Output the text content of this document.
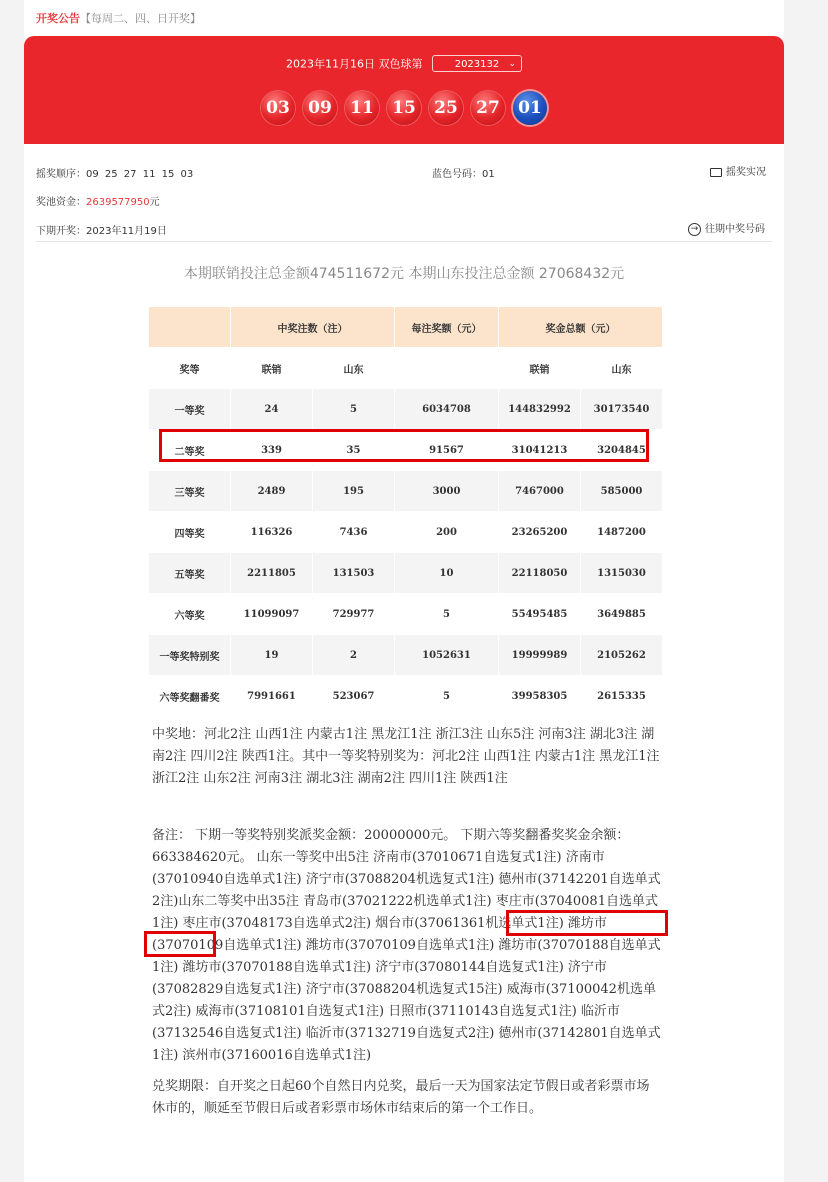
开奖公告【每周二、四、日开奖】
2023年11月16日 双色球第	2023132 ⌄
03 09 11 15 25 27 01
摇奖顺序：09 25 27 11 15 03	蓝色号码：01	摇奖实况
奖池资金：2639577950元
下期开奖：2023年11月19日	→ 往期中奖号码
本期联销投注总金额474511672元 本期山东投注总金额 27068432元
	中奖注数（注）		每注奖额（元）	奖金总额（元）	
奖等	联销	山东		联销	山东
一等奖	24	5	6034708	144832992	30173540
二等奖	339	35	91567	31041213	3204845
三等奖	2489	195	3000	7467000	585000
四等奖	116326	7436	200	23265200	1487200
五等奖	2211805	131503	10	22118050	1315030
六等奖	11099097	729977	5	55495485	3649885
一等奖特别奖	19	2	1052631	19999989	2105262
六等奖翻番奖	7991661	523067	5	39958305	2615335
中奖地：河北2注 山西1注 内蒙古1注 黑龙江1注 浙江3注 山东5注 河南3注 湖北3注 湖南2注 四川2注 陕西1注。其中一等奖特别奖为：河北2注 山西1注 内蒙古1注 黑龙江1注 浙江2注 山东2注 河南3注 湖北3注 湖南2注 四川1注 陕西1注
备注： 下期一等奖特别奖派奖金额：20000000元。 下期六等奖翻番奖奖金余额：663384620元。 山东一等奖中出5注 济南市(37010671自选复式1注) 济南市(37010940自选单式1注) 济宁市(37088204机选复式1注) 德州市(37142201自选单式2注)山东二等奖中出35注 青岛市(37021222机选单式1注) 枣庄市(37040081自选单式1注) 枣庄市(37048173自选单式2注) 烟台市(37061361机选单式1注) 潍坊市(37070109自选单式1注) 潍坊市(37070109自选单式1注) 潍坊市(37070188自选单式1注) 潍坊市(37070188自选单式1注) 济宁市(37080144自选复式1注) 济宁市(37082829自选复式1注) 济宁市(37088204机选复式15注) 威海市(37100042机选单式2注) 威海市(37108101自选复式1注) 日照市(37110143自选复式1注) 临沂市(37132546自选复式1注) 临沂市(37132719自选复式2注) 德州市(37142801自选单式1注) 滨州市(37160016自选单式1注)
兑奖期限：自开奖之日起60个自然日内兑奖，最后一天为国家法定节假日或者彩票市场休市的，顺延至节假日后或者彩票市场休市结束后的第一个工作日。
